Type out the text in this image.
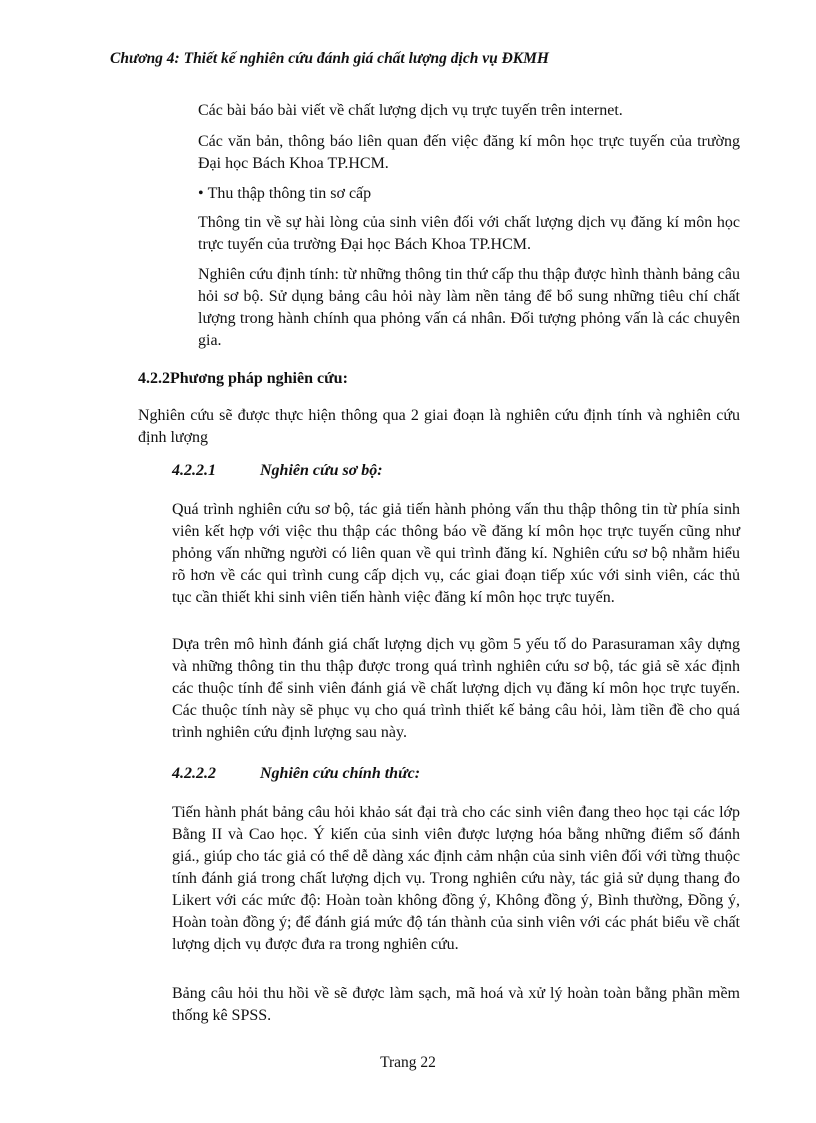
Chương 4: Thiết kế nghiên cứu đánh giá chất lượng dịch vụ ĐKMH
Các bài báo bài viết về chất lượng dịch vụ trực tuyến trên internet.
Các văn bản, thông báo liên quan đến việc đăng kí môn học trực tuyến của trường Đại học Bách Khoa TP.HCM.
• Thu thập thông tin sơ cấp
Thông tin về sự hài lòng của sinh viên đối với chất lượng dịch vụ đăng kí môn học trực tuyến của trường Đại học Bách Khoa TP.HCM.
Nghiên cứu định tính: từ những thông tin thứ cấp thu thập được hình thành bảng câu hỏi sơ bộ. Sử dụng bảng câu hỏi này làm nền tảng để bổ sung những tiêu chí chất lượng trong hành chính qua phỏng vấn cá nhân. Đối tượng phỏng vấn là các chuyên gia.
4.2.2Phương pháp nghiên cứu:
Nghiên cứu sẽ được thực hiện thông qua 2 giai đoạn là nghiên cứu định tính và nghiên cứu định lượng
4.2.2.1	Nghiên cứu sơ bộ:
Quá trình nghiên cứu sơ bộ, tác giả tiến hành phỏng vấn thu thập thông tin từ phía sinh viên kết hợp với việc thu thập các thông báo về đăng kí môn học trực tuyến cũng như phỏng vấn những người có liên quan về qui trình đăng kí. Nghiên cứu sơ bộ nhằm hiểu rõ hơn về các qui trình cung cấp dịch vụ, các giai đoạn tiếp xúc với sinh viên, các thủ tục cần thiết khi sinh viên tiến hành việc đăng kí môn học trực tuyến.
Dựa trên mô hình đánh giá chất lượng dịch vụ gồm 5 yếu tố do Parasuraman xây dựng và những thông tin thu thập được trong quá trình nghiên cứu sơ bộ, tác giả sẽ xác định các thuộc tính để sinh viên đánh giá về chất lượng dịch vụ đăng kí môn học trực tuyến. Các thuộc tính này sẽ phục vụ cho quá trình thiết kế bảng câu hỏi, làm tiền đề cho quá trình nghiên cứu định lượng sau này.
4.2.2.2	Nghiên cứu chính thức:
Tiến hành phát bảng câu hỏi khảo sát đại trà cho các sinh viên đang theo học tại các lớp Bằng II và Cao học. Ý kiến của sinh viên được lượng hóa bằng những điểm số đánh giá., giúp cho tác giả có thể dễ dàng xác định cảm nhận của sinh viên đối với từng thuộc tính đánh giá trong chất lượng dịch vụ. Trong nghiên cứu này, tác giả sử dụng thang đo Likert với các mức độ: Hoàn toàn không đồng ý, Không đồng ý, Bình thường, Đồng ý, Hoàn toàn đồng ý; để đánh giá mức độ tán thành của sinh viên với các phát biểu về chất lượng dịch vụ được đưa ra trong nghiên cứu.
Bảng câu hỏi thu hồi về sẽ được làm sạch, mã hoá và xử lý hoàn toàn bằng phần mềm thống kê SPSS.
Trang 22
